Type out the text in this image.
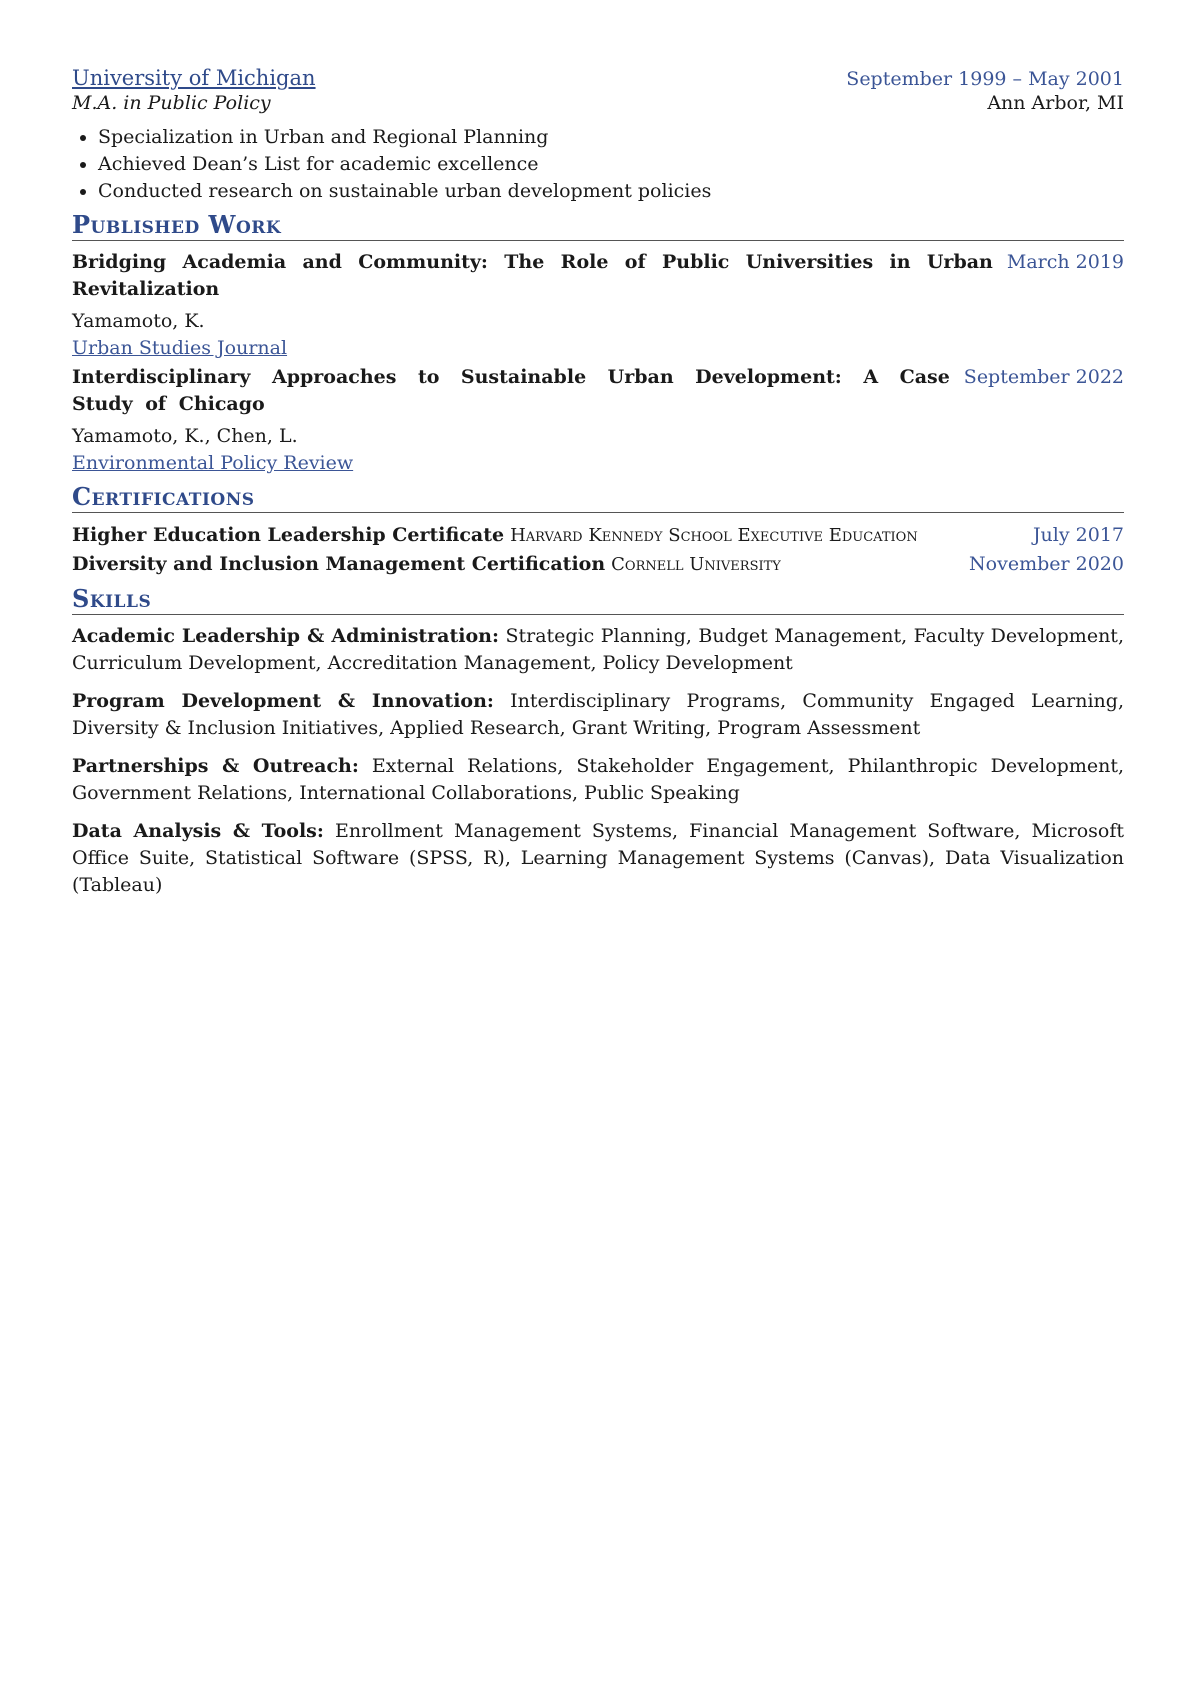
University of Michigan	September 1999 – May 2001
M.A. in Public Policy	Ann Arbor, MI
• Specialization in Urban and Regional Planning
• Achieved Dean’s List for academic excellence
• Conducted research on sustainable urban development policies
Published Work
Bridging Academia and Community: The Role of Public Universities in Urban Revitalization
March 2019
Yamamoto, K.
Urban Studies Journal
Interdisciplinary Approaches to Sustainable Urban Development: A Case Study of Chicago
September 2022
Yamamoto, K., Chen, L.
Environmental Policy Review
Certifications
Higher Education Leadership Certificate Harvard Kennedy School Executive Education	July 2017
Diversity and Inclusion Management Certification Cornell University	November 2020
Skills
Academic Leadership & Administration: Strategic Planning, Budget Management, Faculty Development, Curriculum Development, Accreditation Management, Policy Development
Program Development & Innovation: Interdisciplinary Programs, Community Engaged Learning, Diversity & Inclusion Initiatives, Applied Research, Grant Writing, Program Assessment
Partnerships & Outreach: External Relations, Stakeholder Engagement, Philanthropic Development, Government Relations, International Collaborations, Public Speaking
Data Analysis & Tools: Enrollment Management Systems, Financial Management Software, Microsoft Office Suite, Statistical Software (SPSS, R), Learning Management Systems (Canvas), Data Visualization (Tableau)
